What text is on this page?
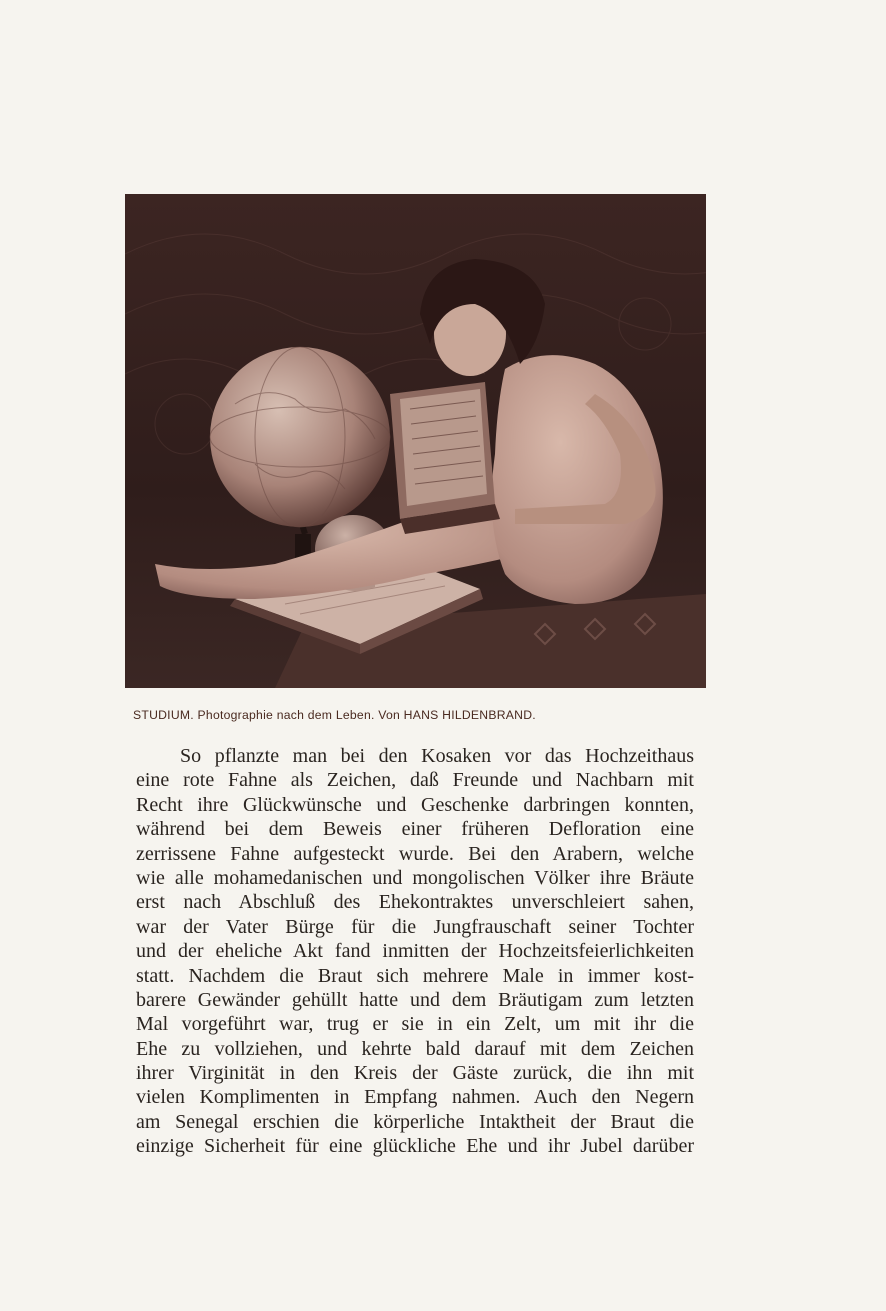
STUDIUM. Photographie nach dem Leben. Von HANS HILDENBRAND.
So pflanzte man bei den Kosaken vor das Hochzeithaus
eine rote Fahne als Zeichen, daß Freunde und Nachbarn mit
Recht ihre Glückwünsche und Geschenke darbringen konnten,
während bei dem Beweis einer früheren Defloration eine
zerrissene Fahne aufgesteckt wurde. Bei den Arabern, welche
wie alle mohamedanischen und mongolischen Völker ihre Bräute
erst nach Abschluß des Ehekontraktes unverschleiert sahen,
war der Vater Bürge für die Jungfrauschaft seiner Tochter
und der eheliche Akt fand inmitten der Hochzeitsfeierlichkeiten
statt. Nachdem die Braut sich mehrere Male in immer kost-
barere Gewänder gehüllt hatte und dem Bräutigam zum letzten
Mal vorgeführt war, trug er sie in ein Zelt, um mit ihr die
Ehe zu vollziehen, und kehrte bald darauf mit dem Zeichen
ihrer Virginität in den Kreis der Gäste zurück, die ihn mit
vielen Komplimenten in Empfang nahmen. Auch den Negern
am Senegal erschien die körperliche Intaktheit der Braut die
einzige Sicherheit für eine glückliche Ehe und ihr Jubel darüber
